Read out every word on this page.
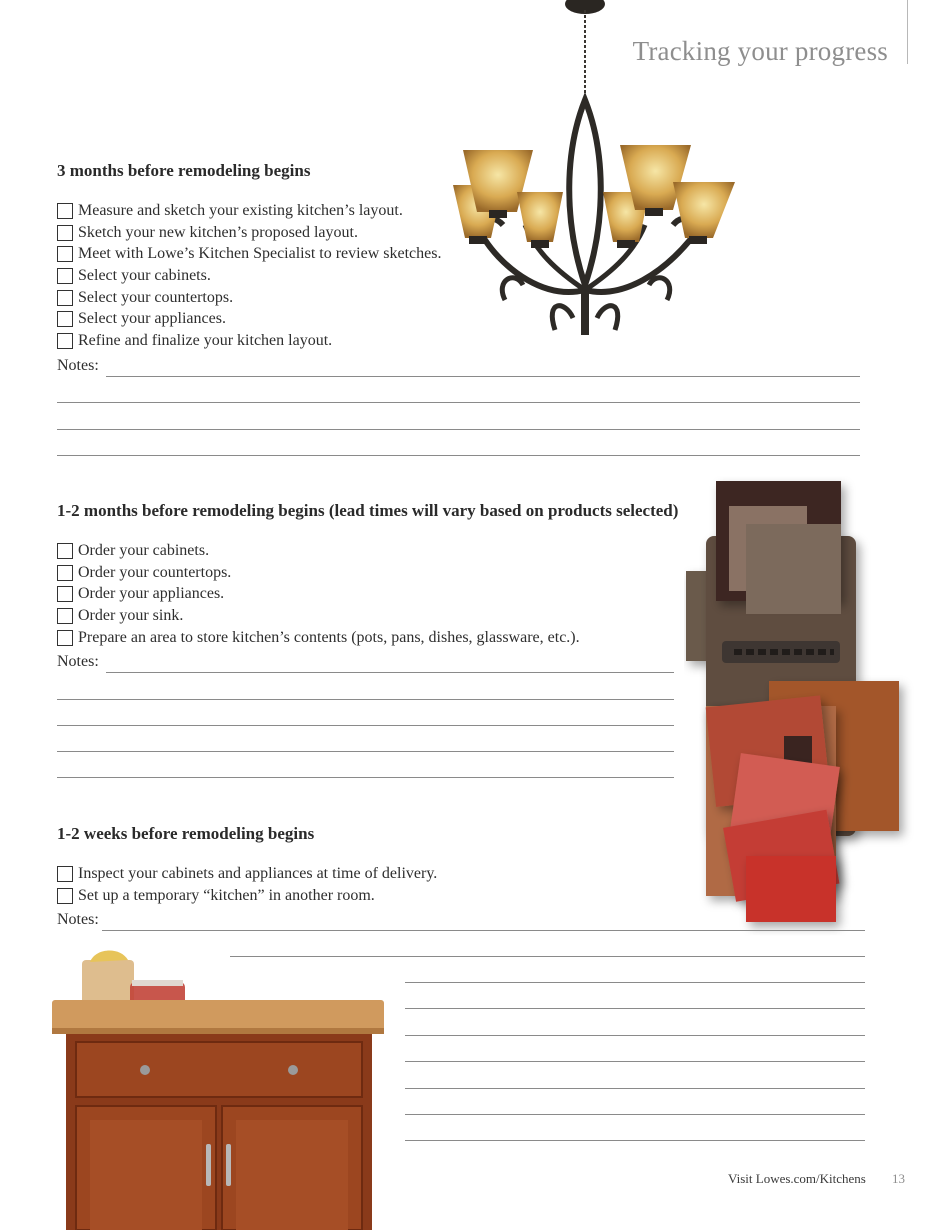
Tracking your progress
3 months before remodeling begins
Measure and sketch your existing kitchen’s layout.
Sketch your new kitchen’s proposed layout.
Meet with Lowe’s Kitchen Specialist to review sketches.
Select your cabinets.
Select your countertops.
Select your appliances.
Refine and finalize your kitchen layout.
Notes:
1-2 months before remodeling begins (lead times will vary based on products selected)
Order your cabinets.
Order your countertops.
Order your appliances.
Order your sink.
Prepare an area to store kitchen’s contents (pots, pans, dishes, glassware, etc.).
Notes:
1-2 weeks before remodeling begins
Inspect your cabinets and appliances at time of delivery.
Set up a temporary “kitchen” in another room.
Notes:
Visit Lowes.com/Kitchens 13
